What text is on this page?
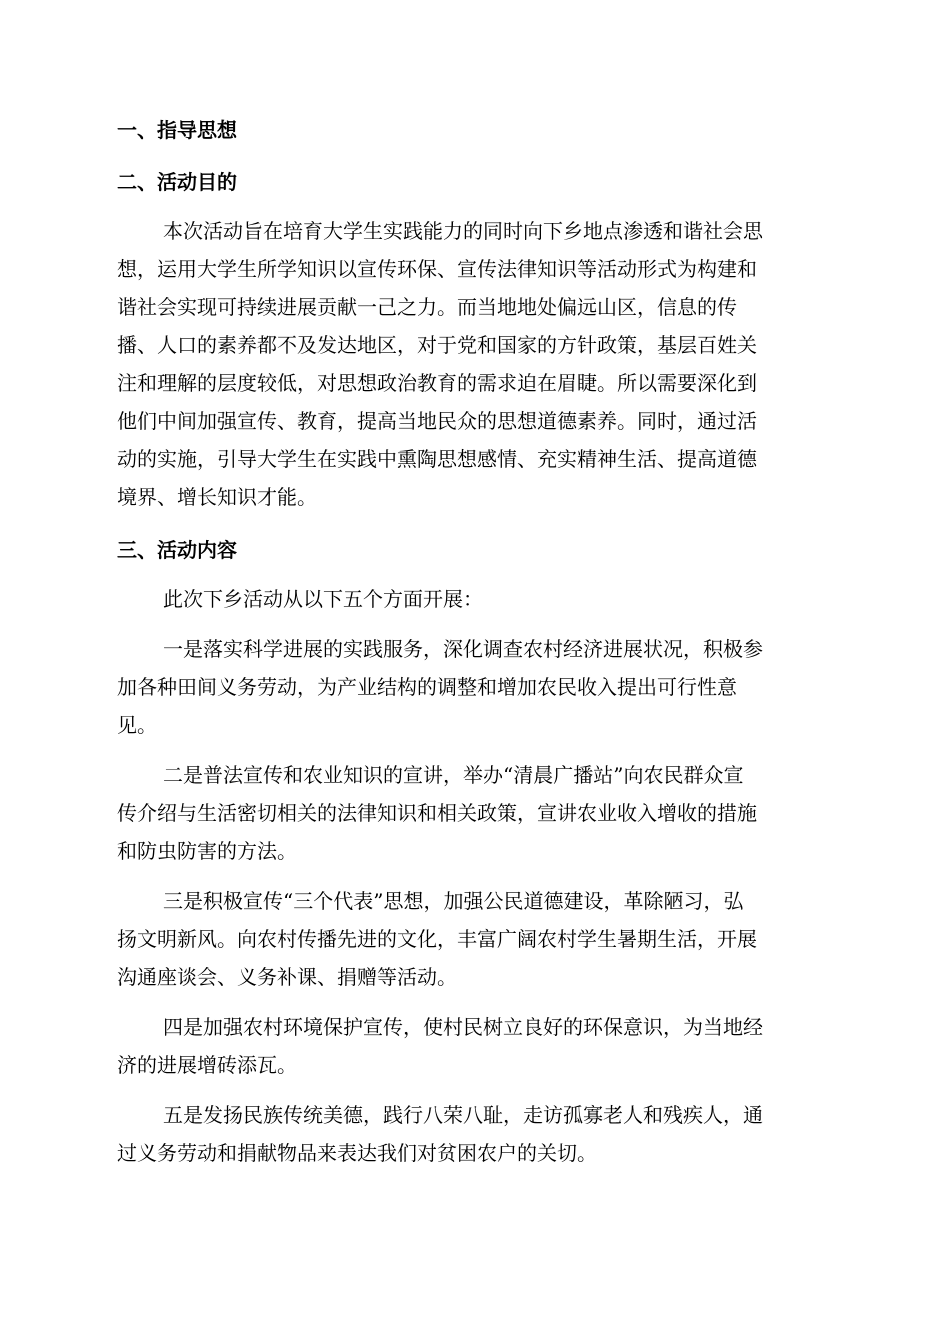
一、指导思想
二、活动目的
本次活动旨在培育大学生实践能力的同时向下乡地点渗透和谐社会思
想，运用大学生所学知识以宣传环保、宣传法律知识等活动形式为构建和
谐社会实现可持续进展贡献一己之力。而当地地处偏远山区，信息的传
播、人口的素养都不及发达地区，对于党和国家的方针政策，基层百姓关
注和理解的层度较低，对思想政治教育的需求迫在眉睫。所以需要深化到
他们中间加强宣传、教育，提高当地民众的思想道德素养。同时，通过活
动的实施，引导大学生在实践中熏陶思想感情、充实精神生活、提高道德
境界、增长知识才能。
三、活动内容
此次下乡活动从以下五个方面开展：
一是落实科学进展的实践服务，深化调查农村经济进展状况，积极参
加各种田间义务劳动，为产业结构的调整和增加农民收入提出可行性意
见。
二是普法宣传和农业知识的宣讲，举办“清晨广播站”向农民群众宣
传介绍与生活密切相关的法律知识和相关政策，宣讲农业收入增收的措施
和防虫防害的方法。
三是积极宣传“三个代表”思想，加强公民道德建设，革除陋习，弘
扬文明新风。向农村传播先进的文化，丰富广阔农村学生暑期生活，开展
沟通座谈会、义务补课、捐赠等活动。
四是加强农村环境保护宣传，使村民树立良好的环保意识，为当地经
济的进展增砖添瓦。
五是发扬民族传统美德，践行八荣八耻，走访孤寡老人和残疾人，通
过义务劳动和捐献物品来表达我们对贫困农户的关切。
